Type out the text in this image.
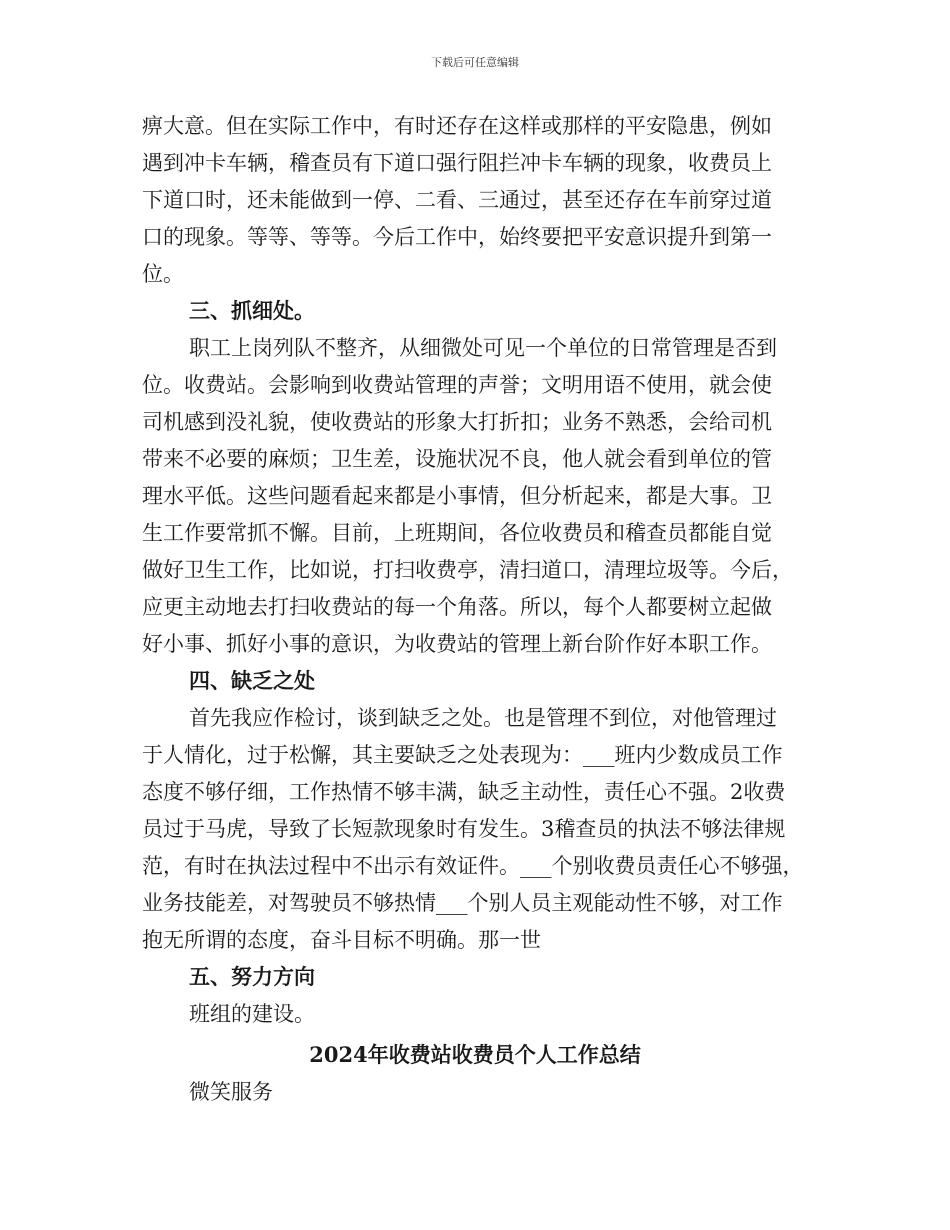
下载后可任意编辑
痹大意。但在实际工作中，有时还存在这样或那样的平安隐患，例如
遇到冲卡车辆，稽查员有下道口强行阻拦冲卡车辆的现象，收费员上
下道口时，还未能做到一停、二看、三通过，甚至还存在车前穿过道
口的现象。等等、等等。今后工作中，始终要把平安意识提升到第一
位。
三、抓细处。
职工上岗列队不整齐，从细微处可见一个单位的日常管理是否到
位。收费站。会影响到收费站管理的声誉；文明用语不使用，就会使
司机感到没礼貌，使收费站的形象大打折扣；业务不熟悉，会给司机
带来不必要的麻烦；卫生差，设施状况不良，他人就会看到单位的管
理水平低。这些问题看起来都是小事情，但分析起来，都是大事。卫
生工作要常抓不懈。目前，上班期间，各位收费员和稽查员都能自觉
做好卫生工作，比如说，打扫收费亭，清扫道口，清理垃圾等。今后，
应更主动地去打扫收费站的每一个角落。所以，每个人都要树立起做
好小事、抓好小事的意识，为收费站的管理上新台阶作好本职工作。
四、缺乏之处
首先我应作检讨，谈到缺乏之处。也是管理不到位，对他管理过
于人情化，过于松懈，其主要缺乏之处表现为：___班内少数成员工作
态度不够仔细，工作热情不够丰满，缺乏主动性，责任心不强。2收费
员过于马虎，导致了长短款现象时有发生。3稽查员的执法不够法律规
范，有时在执法过程中不出示有效证件。___个别收费员责任心不够强，
业务技能差，对驾驶员不够热情___个别人员主观能动性不够，对工作
抱无所谓的态度，奋斗目标不明确。那一世
五、努力方向
班组的建设。
2024年收费站收费员个人工作总结
微笑服务
